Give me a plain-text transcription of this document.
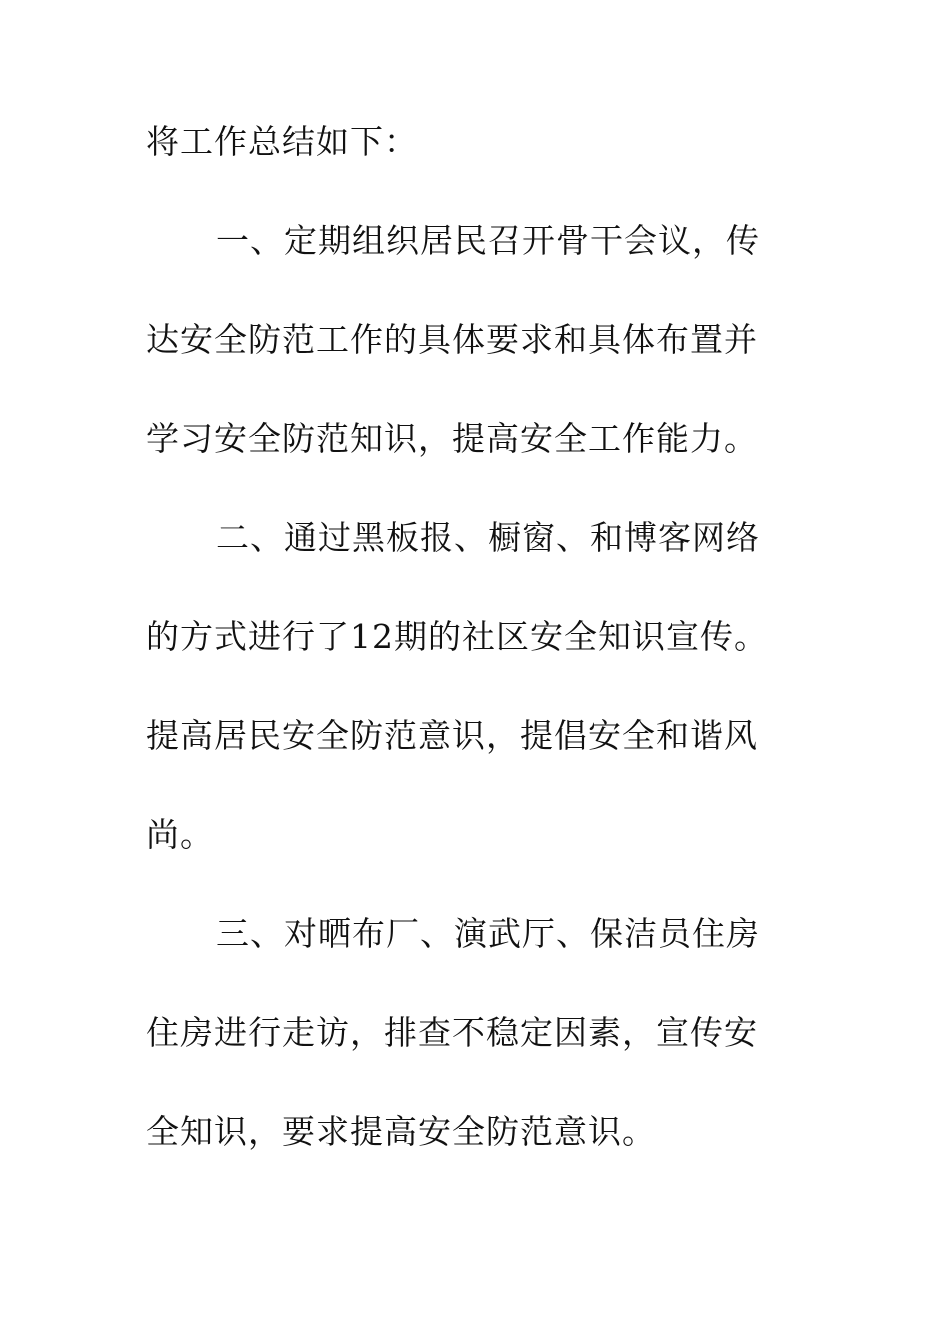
将工作总结如下：
一、定期组织居民召开骨干会议，传
达安全防范工作的具体要求和具体布置并
学习安全防范知识，提高安全工作能力。
二、通过黑板报、橱窗、和博客网络
的方式进行了12期的社区安全知识宣传。
提高居民安全防范意识，提倡安全和谐风
尚。
三、对晒布厂、演武厅、保洁员住房
住房进行走访，排查不稳定因素，宣传安
全知识，要求提高安全防范意识。
